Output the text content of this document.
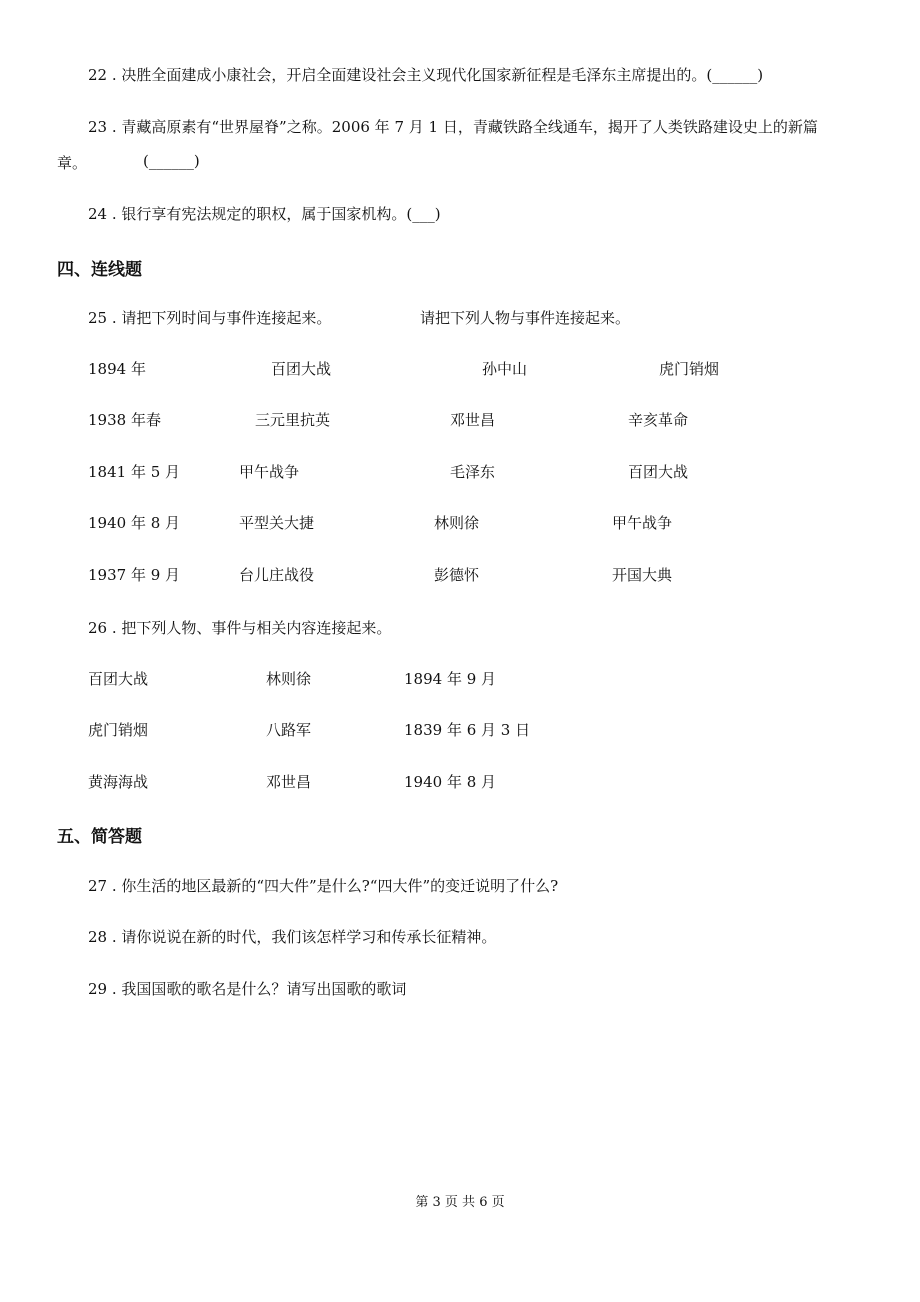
22 . 决胜全面建成小康社会，开启全面建设社会主义现代化国家新征程是毛泽东主席提出的。(______)
23 . 青藏高原素有“世界屋脊”之称。2006 年 7 月 1 日，青藏铁路全线通车，揭开了人类铁路建设史上的新篇
章。	(______)
24 . 银行享有宪法规定的职权，属于国家机构。(___)
四、连线题
25 . 请把下列时间与事件连接起来。	请把下列人物与事件连接起来。
1894 年	百团大战	孙中山	虎门销烟
1938 年春	三元里抗英	邓世昌	辛亥革命
1841 年 5 月	甲午战争	毛泽东	百团大战
1940 年 8 月	平型关大捷	林则徐	甲午战争
1937 年 9 月	台儿庄战役	彭德怀	开国大典
26 . 把下列人物、事件与相关内容连接起来。
百团大战	林则徐	1894 年 9 月
虎门销烟	八路军	1839 年 6 月 3 日
黄海海战	邓世昌	1940 年 8 月
五、简答题
27 . 你生活的地区最新的“四大件”是什么?“四大件”的变迁说明了什么?
28 . 请你说说在新的时代，我们该怎样学习和传承长征精神。
29 . 我国国歌的歌名是什么？请写出国歌的歌词
第 3 页 共 6 页
